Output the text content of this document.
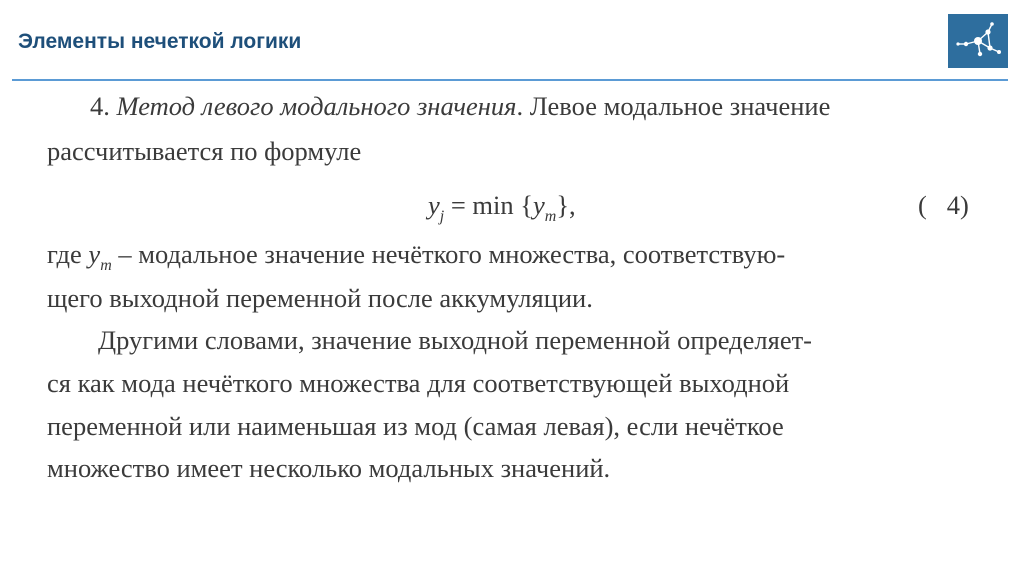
Элементы нечеткой логики
4. Метод левого модального значения. Левое модальное значение
рассчитывается по формуле
$y_j = \min \{y_m\}$,	(   4)
где $y_m$ – модальное значение нечёткого множества, соответствую-
щего выходной переменной после аккумуляции.
Другими словами, значение выходной переменной определяет-
ся как мода нечёткого множества для соответствующей выходной
переменной или наименьшая из мод (самая левая), если нечёткое
множество имеет несколько модальных значений.
